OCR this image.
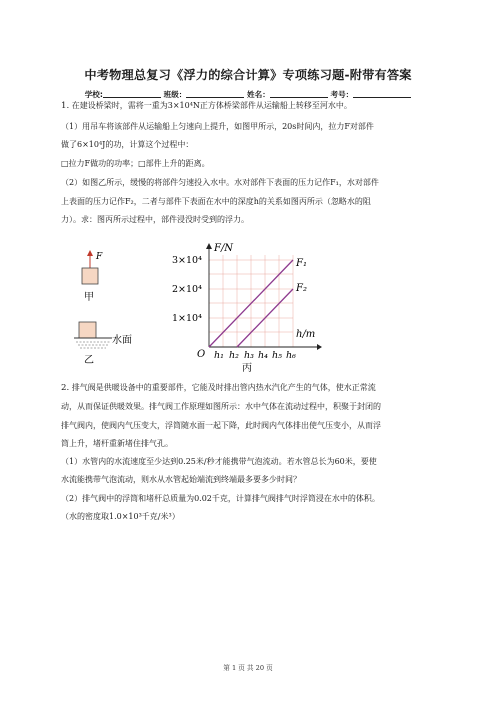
中考物理总复习《浮力的综合计算》专项练习题-附带有答案
学校:	班级：	姓名：	考号：
1. 在建设桥梁时，需将一重为3×10⁴N正方体桥梁部件从运输船上转移至河水中。
（1）用吊车将该部件从运输船上匀速向上提升，如图甲所示，20s时间内，拉力F对部件
做了6×10⁴J的功，计算这个过程中：
□拉力F做功的功率；□部件上升的距离。
（2）如图乙所示，缓慢的将部件匀速投入水中。水对部件下表面的压力记作F₁，水对部件
上表面的压力记作F₂，二者与部件下表面在水中的深度h的关系如图丙所示（忽略水的阻
力）。求：图丙所示过程中，部件浸没时受到的浮力。
F
甲
水面
乙
F/N
h/m
O
1×10⁴
2×10⁴
3×10⁴
h₁ h₂ h₃ h₄ h₅ h₆
F₁
F₂
丙
2. 排气阀是供暖设备中的重要部件，它能及时排出管内热水汽化产生的气体，使水正常流
动，从而保证供暖效果。排气阀工作原理如图所示：水中气体在流动过程中，积聚于封闭的
排气阀内，使阀内气压变大，浮筒随水面一起下降，此时阀内气体排出使气压变小，从而浮
筒上升，堵杆重新堵住排气孔。
（1）水管内的水流速度至少达到0.25米/秒才能携带气泡流动。若水管总长为60米，要使
水流能携带气泡流动，则水从水管起始端流到终端最多要多少时间？
（2）排气阀中的浮筒和堵杆总质量为0.02千克，计算排气阀排气时浮筒浸在水中的体积。
（水的密度取1.0×10³千克/米³）
第 1 页 共 20 页
